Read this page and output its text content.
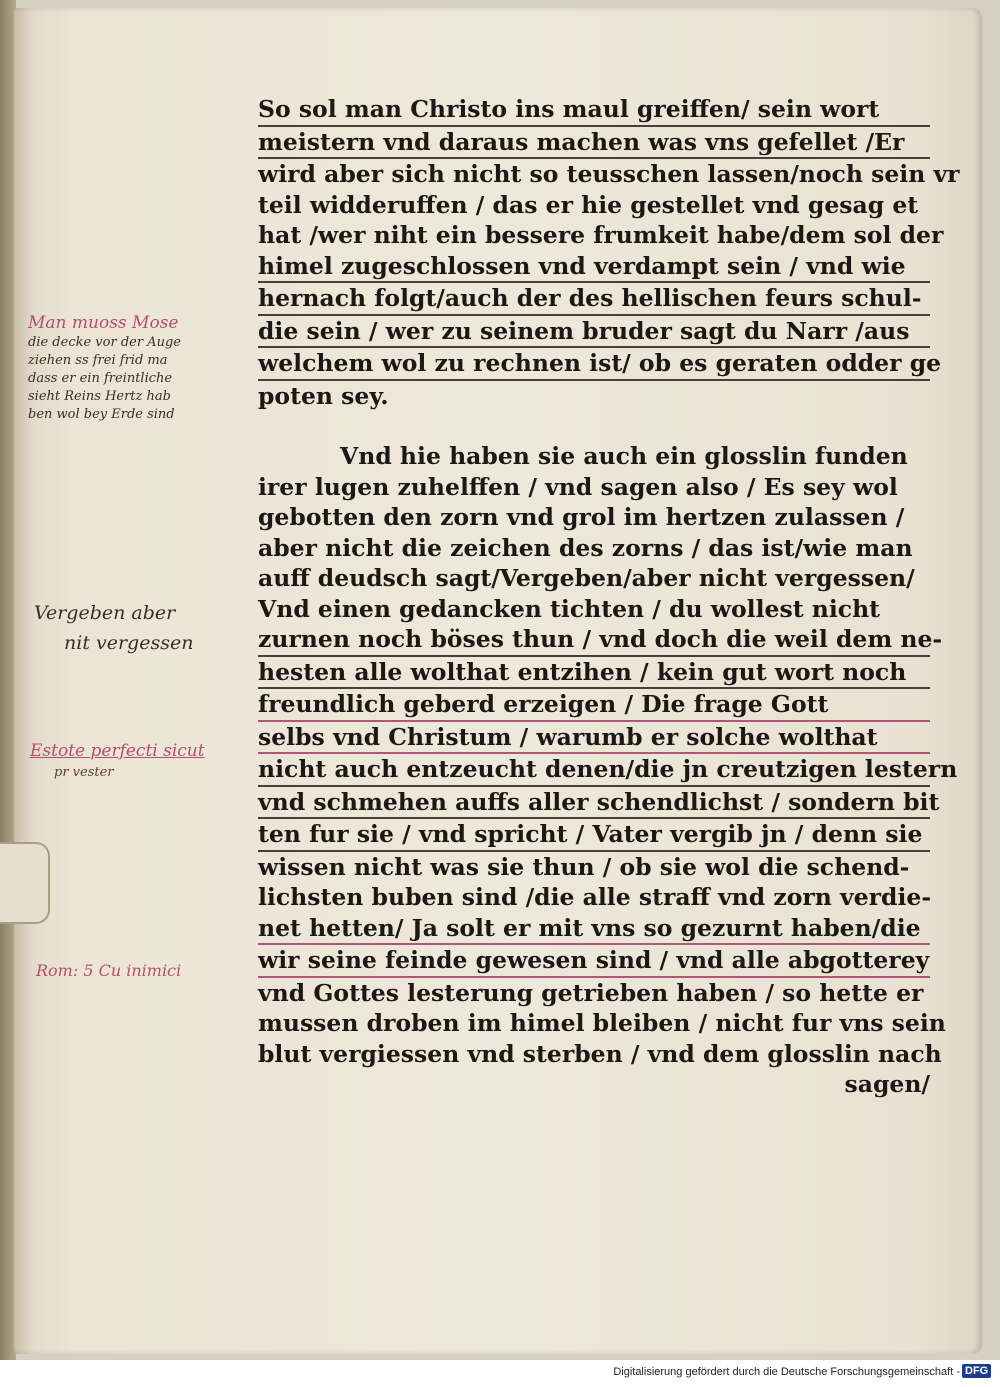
Man muoss Mose
die decke vor der Auge
ziehen ss frei frid ma
dass er ein freintliche
sieht Reins Hertz hab
ben wol bey Erde sind
Vergeben aber
nit vergessen
Estote perfecti sicut
pr vester
Rom: 5 Cu inimici
So sol man Christo ins maul greiffen/ sein wort
meistern vnd daraus machen was vns gefellet /Er
wird aber sich nicht so teusschen lassen/noch sein vr
teil widderuffen / das er hie gestellet vnd gesag et
hat /wer niht ein bessere frumkeit habe/dem sol der
himel zugeschlossen vnd verdampt sein / vnd wie
hernach folgt/auch der des hellischen feurs schul-
die sein / wer zu seinem bruder sagt du Narr /aus
welchem wol zu rechnen ist/ ob es geraten odder ge
poten sey.
Vnd hie haben sie auch ein glosslin funden
irer lugen zuhelffen / vnd sagen also / Es sey wol
gebotten den zorn vnd grol im hertzen zulassen /
aber nicht die zeichen des zorns / das ist/wie man
auff deudsch sagt/Vergeben/aber nicht vergessen/
Vnd einen gedancken tichten / du wollest nicht
zurnen noch böses thun / vnd doch die weil dem ne-
hesten alle wolthat entzihen / kein gut wort noch
freundlich geberd erzeigen / Die frage Gott
selbs vnd Christum / warumb er solche wolthat
nicht auch entzeucht denen/die jn creutzigen lestern
vnd schmehen auffs aller schendlichst / sondern bit
ten fur sie / vnd spricht / Vater vergib jn / denn sie
wissen nicht was sie thun / ob sie wol die schend-
lichsten buben sind /die alle straff vnd zorn verdie-
net hetten/ Ja solt er mit vns so gezurnt haben/die
wir seine feinde gewesen sind / vnd alle abgotterey
vnd Gottes lesterung getrieben haben / so hette er
mussen droben im himel bleiben / nicht fur vns sein
blut vergiessen vnd sterben / vnd dem glosslin nach
sagen/
Digitalisierung gefördert durch die Deutsche Forschungsgemeinschaft - DFG
